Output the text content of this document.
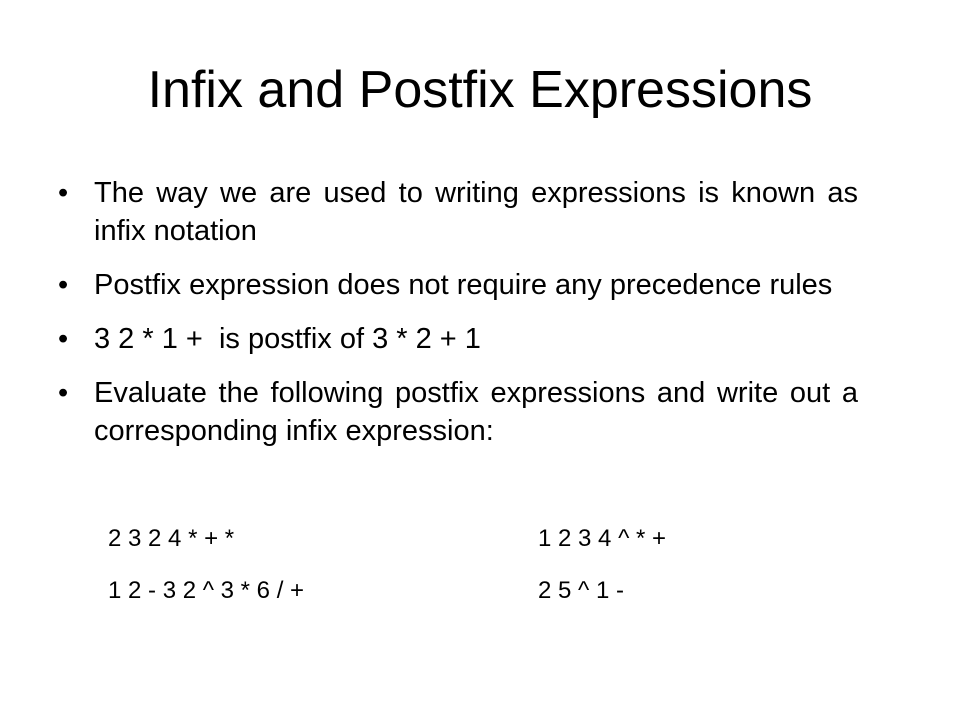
Infix and Postfix Expressions
• The way we are used to writing expressions is known as infix notation
• Postfix expression does not require any precedence rules
• 3 2 * 1 +  is postfix of 3 * 2 + 1
• Evaluate the following postfix expressions and write out a corresponding infix expression:
2 3 2 4 * + *	1 2 3 4 ^ * +
1 2 - 3 2 ^ 3 * 6 / +	2 5 ^ 1 -
